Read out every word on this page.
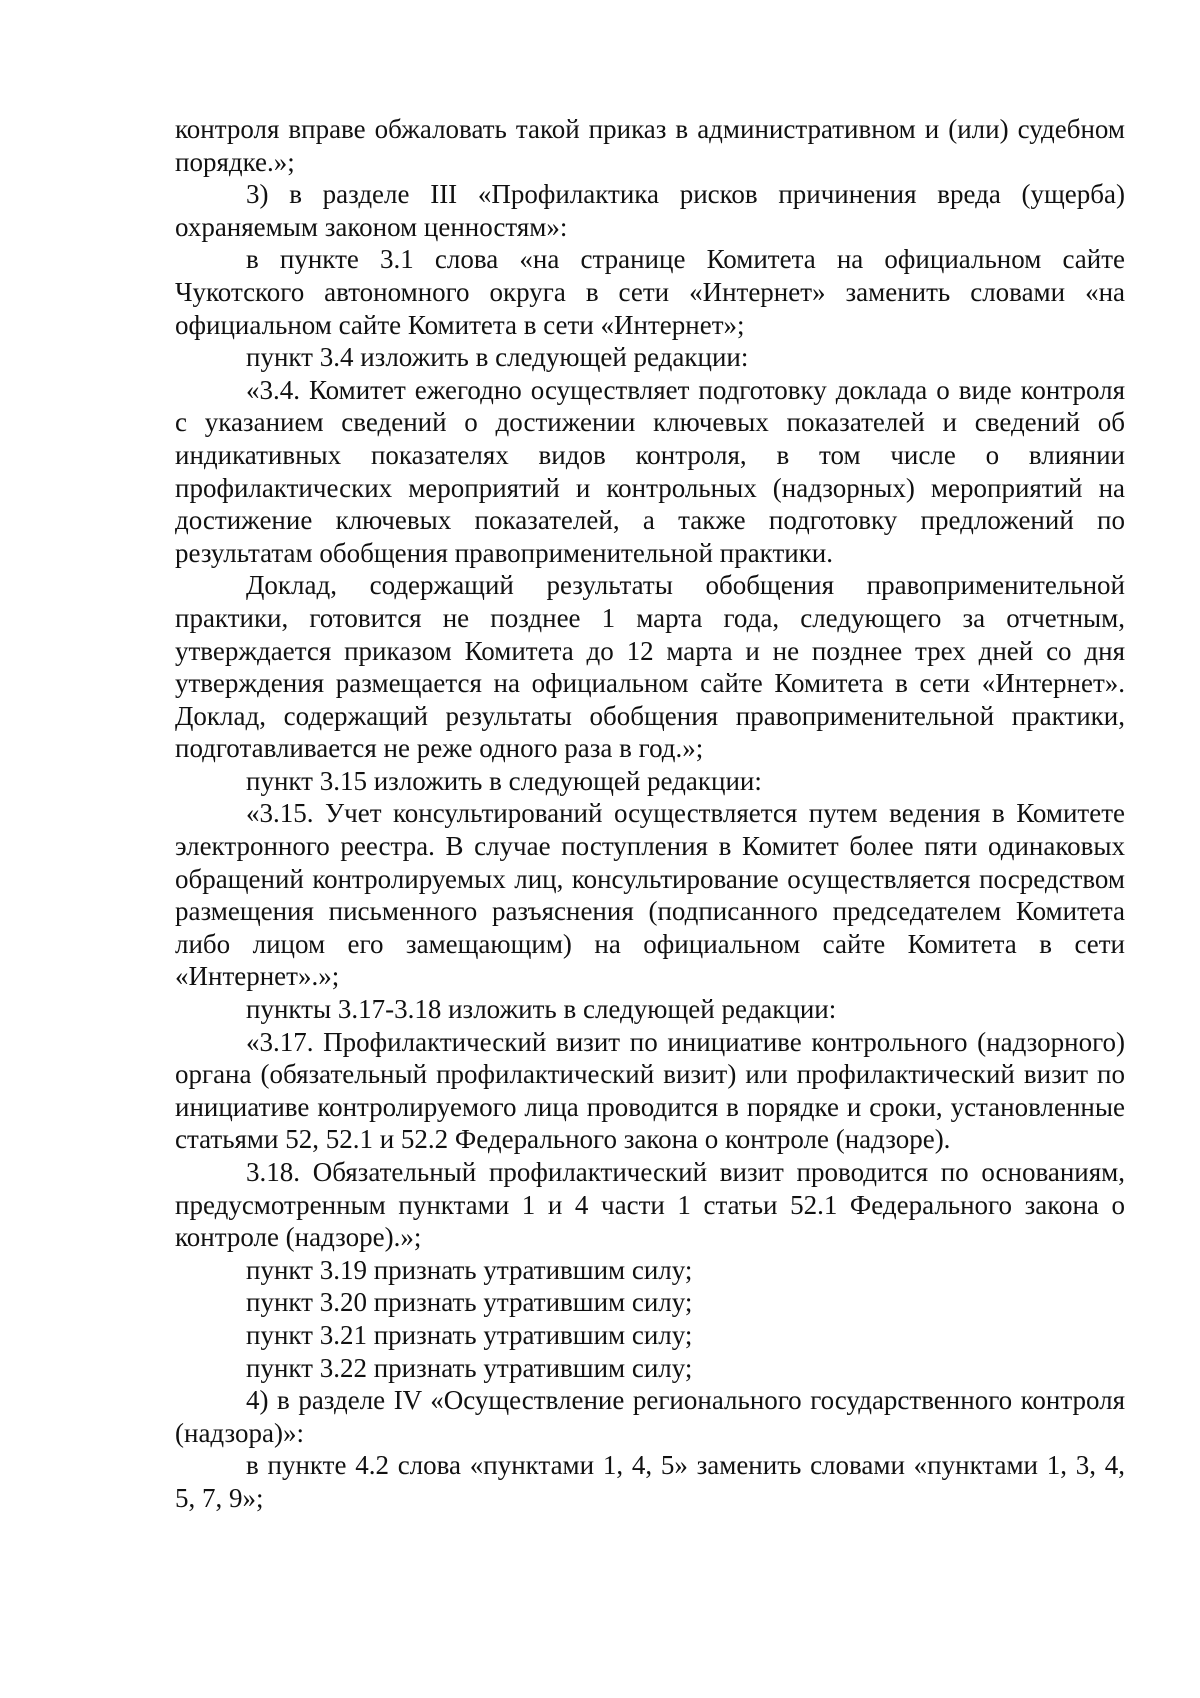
контроля вправе обжаловать такой приказ в административном и (или) судебном порядке.»;

3) в разделе III «Профилактика рисков причинения вреда (ущерба) охраняемым законом ценностям»:

в пункте 3.1 слова «на странице Комитета на официальном сайте Чукотского автономного округа в сети «Интернет» заменить словами «на официальном сайте Комитета в сети «Интернет»;

пункт 3.4 изложить в следующей редакции:

«3.4. Комитет ежегодно осуществляет подготовку доклада о виде контроля с указанием сведений о достижении ключевых показателей и сведений об индикативных показателях видов контроля, в том числе о влиянии профилактических мероприятий и контрольных (надзорных) мероприятий на достижение ключевых показателей, а также подготовку предложений по результатам обобщения правоприменительной практики.

Доклад, содержащий результаты обобщения правоприменительной практики, готовится не позднее 1 марта года, следующего за отчетным, утверждается приказом Комитета до 12 марта и не позднее трех дней со дня утверждения размещается на официальном сайте Комитета в сети «Интернет». Доклад, содержащий результаты обобщения правоприменительной практики, подготавливается не реже одного раза в год.»;

пункт 3.15 изложить в следующей редакции:

«3.15. Учет консультирований осуществляется путем ведения в Комитете электронного реестра. В случае поступления в Комитет более пяти одинаковых обращений контролируемых лиц, консультирование осуществляется посредством размещения письменного разъяснения (подписанного председателем Комитета либо лицом его замещающим) на официальном сайте Комитета в сети «Интернет».»;

пункты 3.17-3.18 изложить в следующей редакции:

«3.17. Профилактический визит по инициативе контрольного (надзорного) органа (обязательный профилактический визит) или профилактический визит по инициативе контролируемого лица проводится в порядке и сроки, установленные статьями 52, 52.1 и 52.2 Федерального закона о контроле (надзоре).

3.18. Обязательный профилактический визит проводится по основаниям, предусмотренным пунктами 1 и 4 части 1 статьи 52.1 Федерального закона о контроле (надзоре).»;

пункт 3.19 признать утратившим силу;

пункт 3.20 признать утратившим силу;

пункт 3.21 признать утратившим силу;

пункт 3.22 признать утратившим силу;

4) в разделе IV «Осуществление регионального государственного контроля (надзора)»:

в пункте 4.2 слова «пунктами 1, 4, 5» заменить словами «пунктами 1, 3, 4, 5, 7, 9»;
